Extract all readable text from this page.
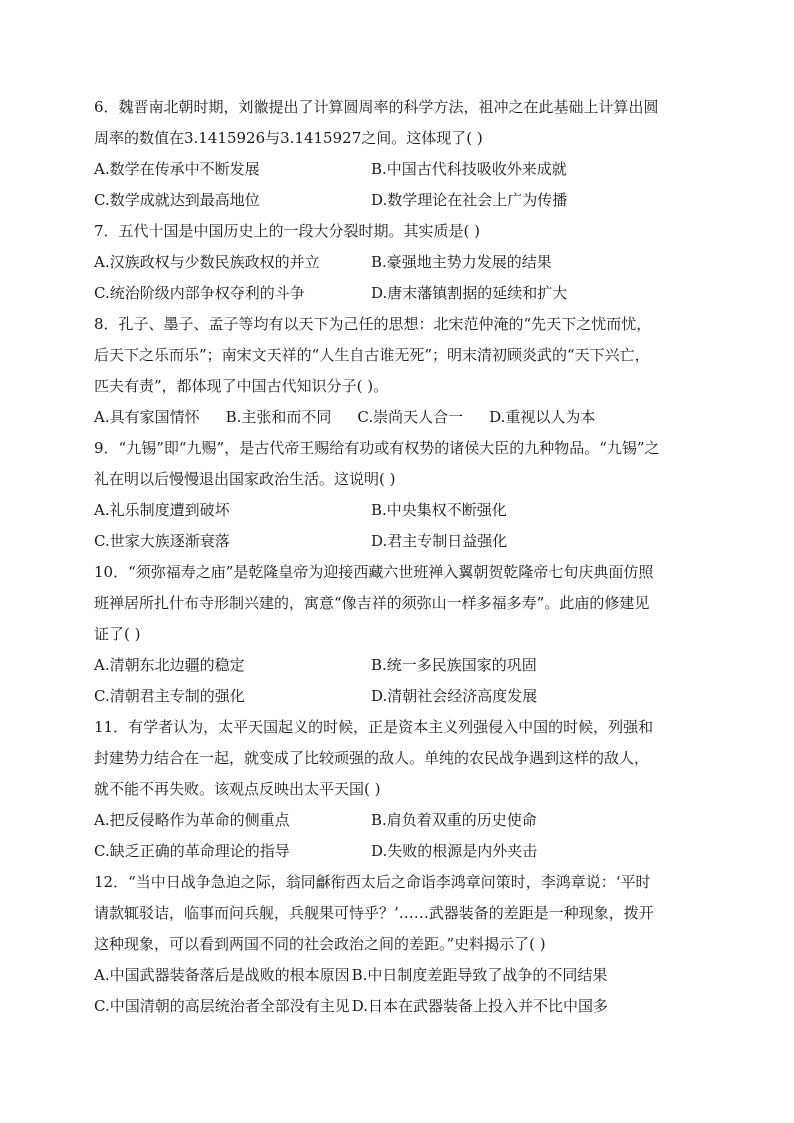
6．魏晋南北朝时期，刘徽提出了计算圆周率的科学方法，祖冲之在此基础上计算出圆
周率的数值在3.1415926与3.1415927之间。这体现了( )
A.数学在传承中不断发展	B.中国古代科技吸收外来成就
C.数学成就达到最高地位	D.数学理论在社会上广为传播
7．五代十国是中国历史上的一段大分裂时期。其实质是( )
A.汉族政权与少数民族政权的并立	B.豪强地主势力发展的结果
C.统治阶级内部争权夺利的斗争	D.唐末藩镇割据的延续和扩大
8．孔子、墨子、孟子等均有以天下为己任的思想：北宋范仲淹的“先天下之忧而忧，
后天下之乐而乐”；南宋文天祥的“人生自古谁无死”；明末清初顾炎武的“天下兴亡，
匹夫有责”，都体现了中国古代知识分子( )。
A.具有家国情怀 B.主张和而不同 C.崇尚天人合一 D.重视以人为本
9．“九锡”即“九赐”，是古代帝王赐给有功或有权势的诸侯大臣的九种物品。“九锡”之
礼在明以后慢慢退出国家政治生活。这说明( )
A.礼乐制度遭到破坏	B.中央集权不断强化
C.世家大族逐渐衰落	D.君主专制日益强化
10．“须弥福寿之庙”是乾隆皇帝为迎接西藏六世班禅入翼朝贺乾隆帝七旬庆典面仿照
班禅居所扎什布寺形制兴建的，寓意“像吉祥的须弥山一样多福多寿”。此庙的修建见
证了( )
A.清朝东北边疆的稳定	B.统一多民族国家的巩固
C.清朝君主专制的强化	D.清朝社会经济高度发展
11．有学者认为，太平天国起义的时候，正是资本主义列强侵入中国的时候，列强和
封建势力结合在一起，就变成了比较顽强的敌人。单纯的农民战争遇到这样的敌人，
就不能不再失败。该观点反映出太平天国( )
A.把反侵略作为革命的侧重点	B.肩负着双重的历史使命
C.缺乏正确的革命理论的指导	D.失败的根源是内外夹击
12．“当中日战争急迫之际，翁同龢衔西太后之命诣李鸿章问策时，李鸿章说：‘平时
请款辄驳诘，临事而问兵舰，兵舰果可恃乎？’……武器装备的差距是一种现象，拨开
这种现象，可以看到两国不同的社会政治之间的差距。”史料揭示了( )
A.中国武器装备落后是战败的根本原因 B.中日制度差距导致了战争的不同结果
C.中国清朝的高层统治者全部没有主见 D.日本在武器装备上投入并不比中国多
